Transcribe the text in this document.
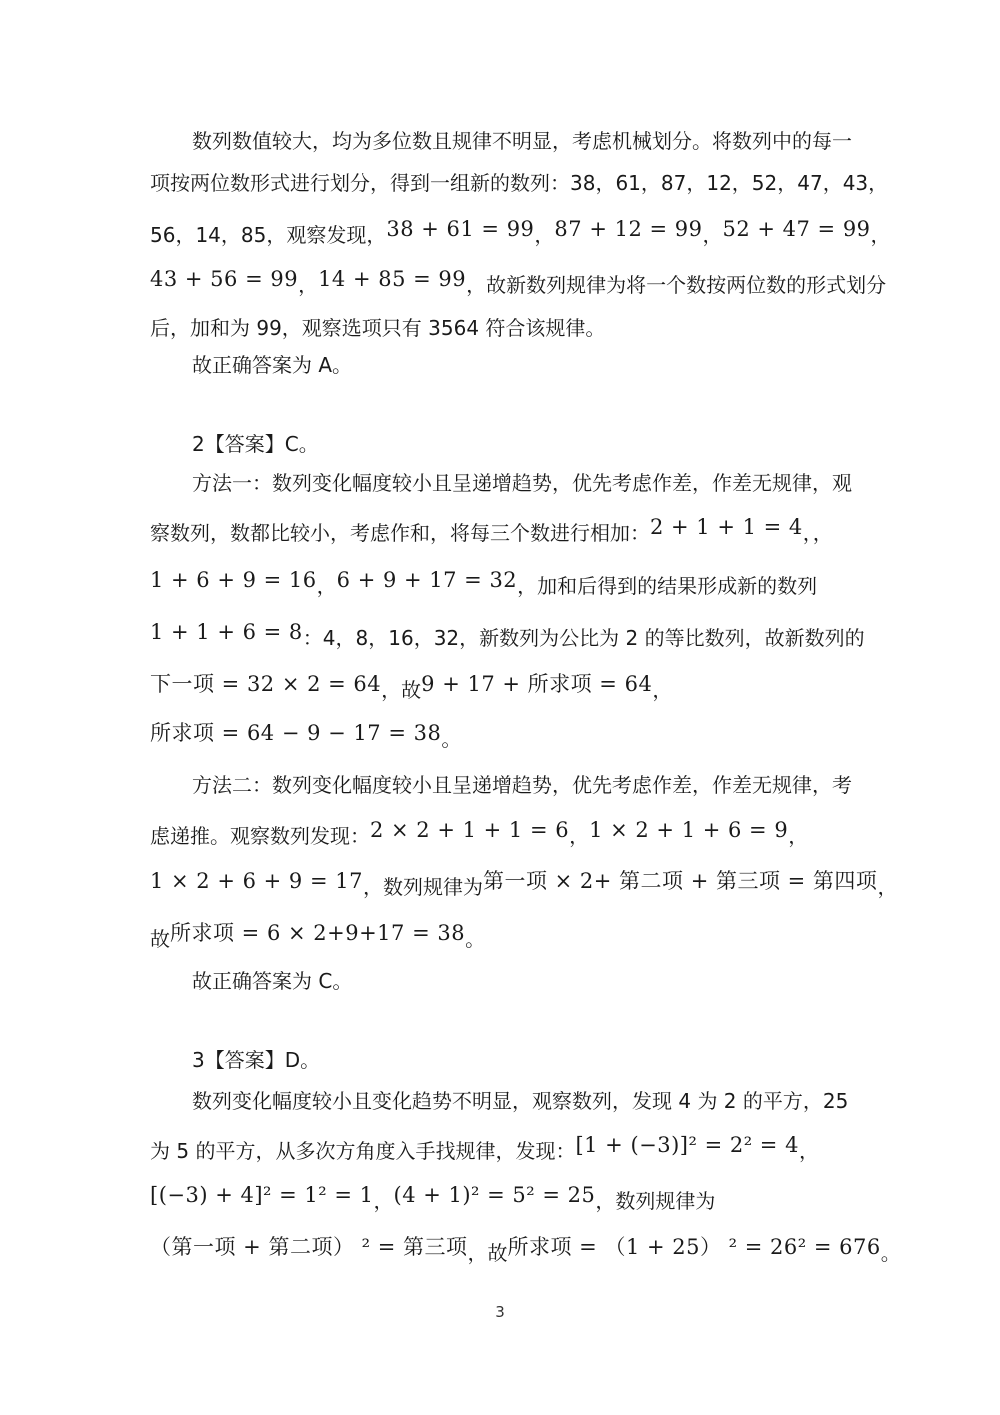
数列数值较大，均为多位数且规律不明显，考虑机械划分。将数列中的每一
项按两位数形式进行划分，得到一组新的数列：38，61，87，12，52，47，43，
56，14，85，观察发现，38 + 61 = 99，87 + 12 = 99，52 + 47 = 99，
43 + 56 = 99，14 + 85 = 99，故新数列规律为将一个数按两位数的形式划分
后，加和为 99，观察选项只有 3564 符合该规律。
故正确答案为 A。
2【答案】C。
方法一：数列变化幅度较小且呈递增趋势，优先考虑作差，作差无规律，观
察数列，数都比较小，考虑作和，将每三个数进行相加：2 + 1 + 1 = 4，，
1 + 6 + 9 = 16，6 + 9 + 17 = 32，加和后得到的结果形成新的数列
1 + 1 + 6 = 8：4，8，16，32，新数列为公比为 2 的等比数列，故新数列的
下一项 = 32 × 2 = 64，故9 + 17 + 所求项 = 64，
所求项 = 64 − 9 − 17 = 38。
方法二：数列变化幅度较小且呈递增趋势，优先考虑作差，作差无规律，考
虑递推。观察数列发现：2 × 2 + 1 + 1 = 6，1 × 2 + 1 + 6 = 9，
1 × 2 + 6 + 9 = 17，数列规律为第一项 × 2+ 第二项 + 第三项 = 第四项，
故所求项 = 6 × 2+9+17 = 38。
故正确答案为 C。
3【答案】D。
数列变化幅度较小且变化趋势不明显，观察数列，发现 4 为 2 的平方，25
为 5 的平方，从多次方角度入手找规律，发现：[1 + (−3)]² = 2² = 4，
[(−3) + 4]² = 1² = 1，(4 + 1)² = 5² = 25，数列规律为
（第一项 + 第二项） ² = 第三项，故所求项 = （1 + 25） ² = 26² = 676。
3
